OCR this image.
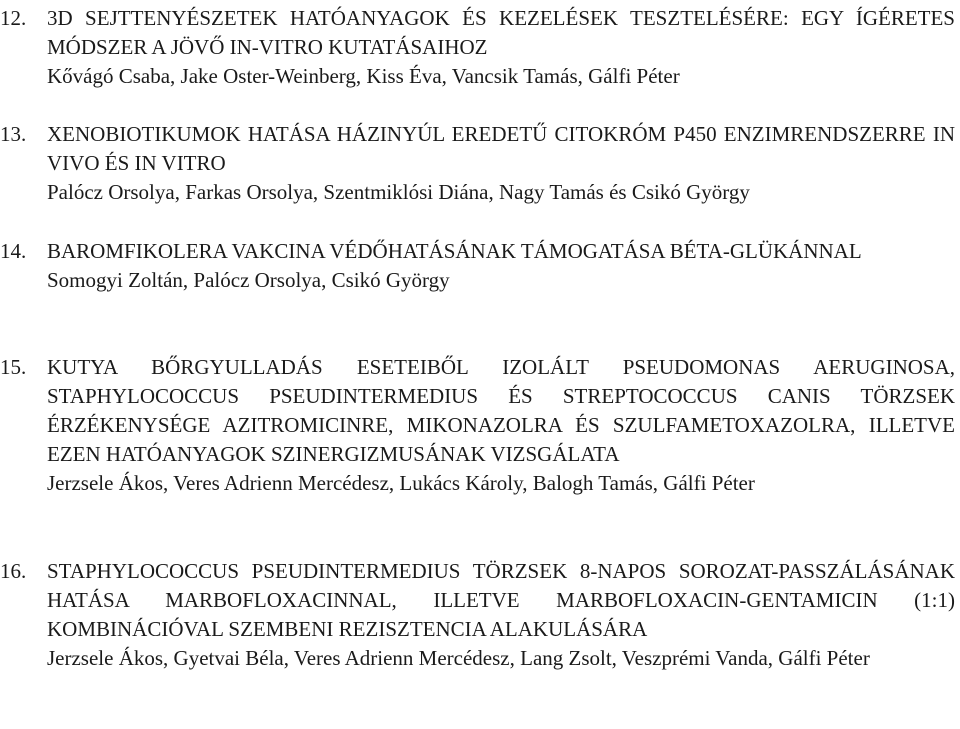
12. 3D SEJTTENYÉSZETEK HATÓANYAGOK ÉS KEZELÉSEK TESZTELÉSÉRE: EGY ÍGÉRETES MÓDSZER A JÖVŐ IN-VITRO KUTATÁSAIHOZ
Kővágó Csaba, Jake Oster-Weinberg, Kiss Éva, Vancsik Tamás, Gálfi Péter
13. XENOBIOTIKUMOK HATÁSA HÁZINYÚL EREDETŰ CITOKRÓM P450 ENZIMRENDSZERRE IN VIVO ÉS IN VITRO
Palócz Orsolya, Farkas Orsolya, Szentmiklósi Diána, Nagy Tamás és Csikó György
14. BAROMFIKOLERA VAKCINA VÉDŐHATÁSÁNAK TÁMOGATÁSA BÉTA-GLÜKÁNNAL
Somogyi Zoltán, Palócz Orsolya, Csikó György
15. KUTYA BŐRGYULLADÁS ESETEIBŐL IZOLÁLT PSEUDOMONAS AERUGINOSA, STAPHYLOCOCCUS PSEUDINTERMEDIUS ÉS STREPTOCOCCUS CANIS TÖRZSEK ÉRZÉKENYSÉGE AZITROMICINRE, MIKONAZOLRA ÉS SZULFAMETOXAZOLRA, ILLETVE EZEN HATÓANYAGOK SZINERGIZMUSÁNAK VIZSGÁLATA
Jerzsele Ákos, Veres Adrienn Mercédesz, Lukács Károly, Balogh Tamás, Gálfi Péter
16. STAPHYLOCOCCUS PSEUDINTERMEDIUS TÖRZSEK 8-NAPOS SOROZAT-PASSZÁLÁSÁNAK HATÁSA MARBOFLOXACINNAL, ILLETVE MARBOFLOXACIN-GENTAMICIN (1:1) KOMBINÁCIÓVAL SZEMBENI REZISZTENCIA ALAKULÁSÁRA
Jerzsele Ákos, Gyetvai Béla, Veres Adrienn Mercédesz, Lang Zsolt, Veszprémi Vanda, Gálfi Péter
